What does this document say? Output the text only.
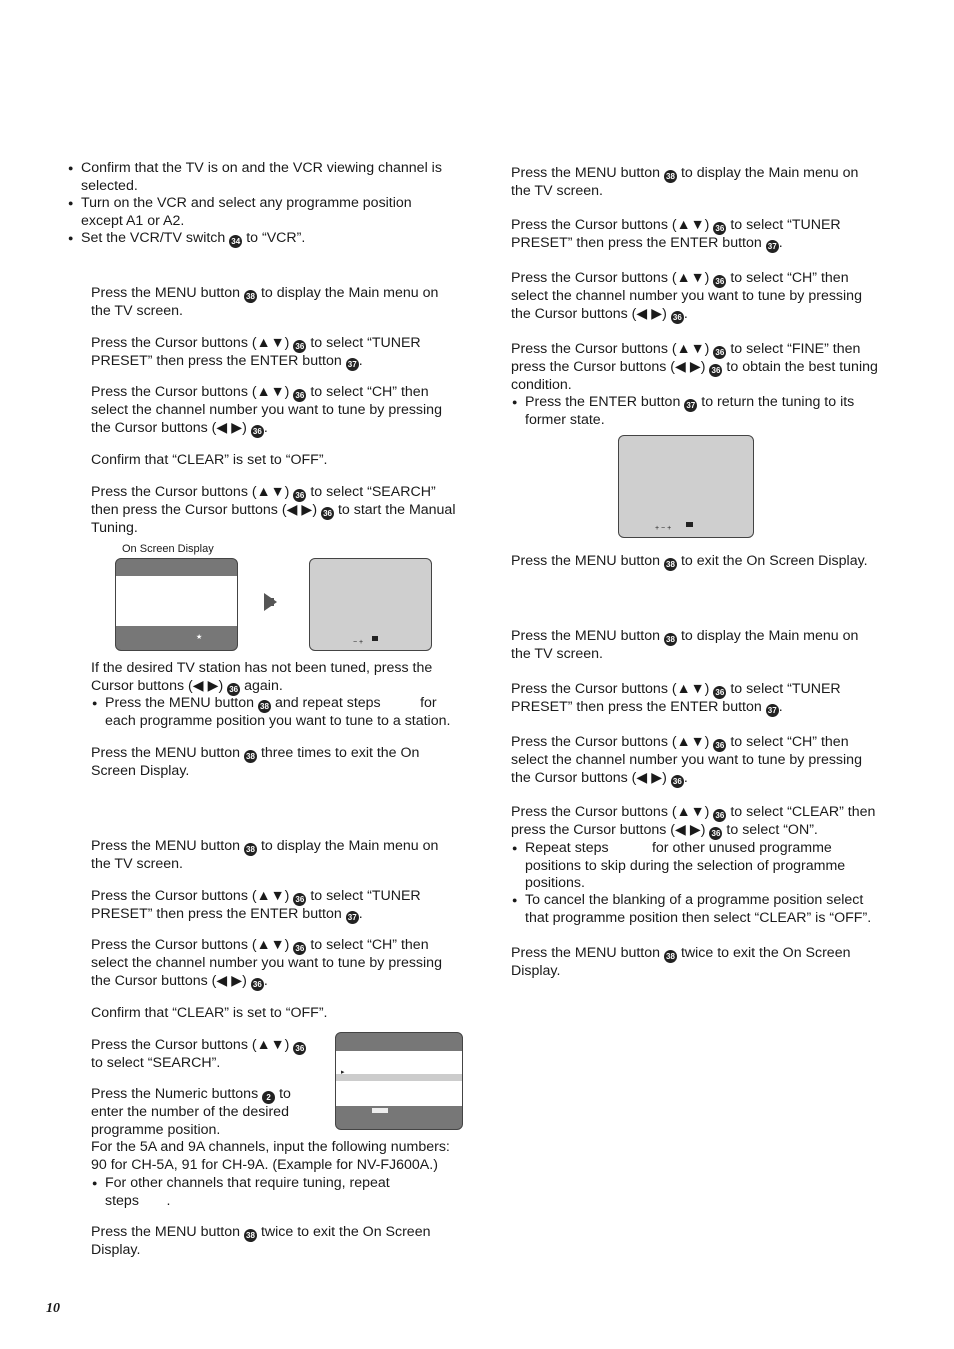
● Confirm that the TV is on and the VCR viewing channel is selected.
● Turn on the VCR and select any programme position except A1 or A2.
● Set the VCR/TV switch 34 to “VCR”.

Press the MENU button 38 to display the Main menu on the TV screen.

Press the Cursor buttons (▲▼) 36 to select “TUNER PRESET” then press the ENTER button 37 .

Press the Cursor buttons (▲▼) 36 to select “CH” then select the channel number you want to tune by pressing the Cursor buttons (◀ ▶) 36 .

Confirm that “CLEAR” is set to “OFF”.

Press the Cursor buttons (▲▼) 36 to select “SEARCH” then press the Cursor buttons (◀ ▶) 36 to start the Manual Tuning.

On Screen Display
★
− +

If the desired TV station has not been tuned, press the Cursor buttons (◀ ▶) 36 again.

● Press the MENU button 38 and repeat steps	for each programme position you want to tune to a station.

Press the MENU button 38 three times to exit the On Screen Display.

Press the MENU button 38 to display the Main menu on the TV screen.

Press the Cursor buttons (▲▼) 36 to select “TUNER PRESET” then press the ENTER button 37 .

Press the Cursor buttons (▲▼) 36 to select “CH” then select the channel number you want to tune by pressing the Cursor buttons (◀ ▶) 36 .

Confirm that “CLEAR” is set to “OFF”.

Press the Cursor buttons (▲▼) 36 to select “SEARCH”.

Press the Numeric buttons 2 to enter the number of the desired programme position.

For the 5A and 9A channels, input the following numbers: 90 for CH-5A, 91 for CH-9A. (Example for NV-FJ600A.)

● For other channels that require tuning, repeat steps .

Press the MENU button 38 twice to exit the On Screen Display.

▸

Press the MENU button 38 to display the Main menu on the TV screen.

Press the Cursor buttons (▲▼) 36 to select “TUNER PRESET” then press the ENTER button 37 .

Press the Cursor buttons (▲▼) 36 to select “CH” then select the channel number you want to tune by pressing the Cursor buttons (◀ ▶) 36 .

Press the Cursor buttons (▲▼) 36 to select “FINE” then press the Cursor buttons (◀ ▶) 36 to obtain the best tuning condition.

● Press the ENTER button 37 to return the tuning to its former state.
+ − +

Press the MENU button 38 to exit the On Screen Display.

Press the MENU button 38 to display the Main menu on the TV screen.

Press the Cursor buttons (▲▼) 36 to select “TUNER PRESET” then press the ENTER button 37 .

Press the Cursor buttons (▲▼) 36 to select “CH” then select the channel number you want to tune by pressing the Cursor buttons (◀ ▶) 36 .

Press the Cursor buttons (▲▼) 36 to select “CLEAR” then press the Cursor buttons (◀ ▶) 36 to select “ON”.

● Repeat steps	for other unused programme positions to skip during the selection of programme positions.
● To cancel the blanking of a programme position select that programme position then select “CLEAR” is “OFF”.

Press the MENU button 38 twice to exit the On Screen Display.

10
